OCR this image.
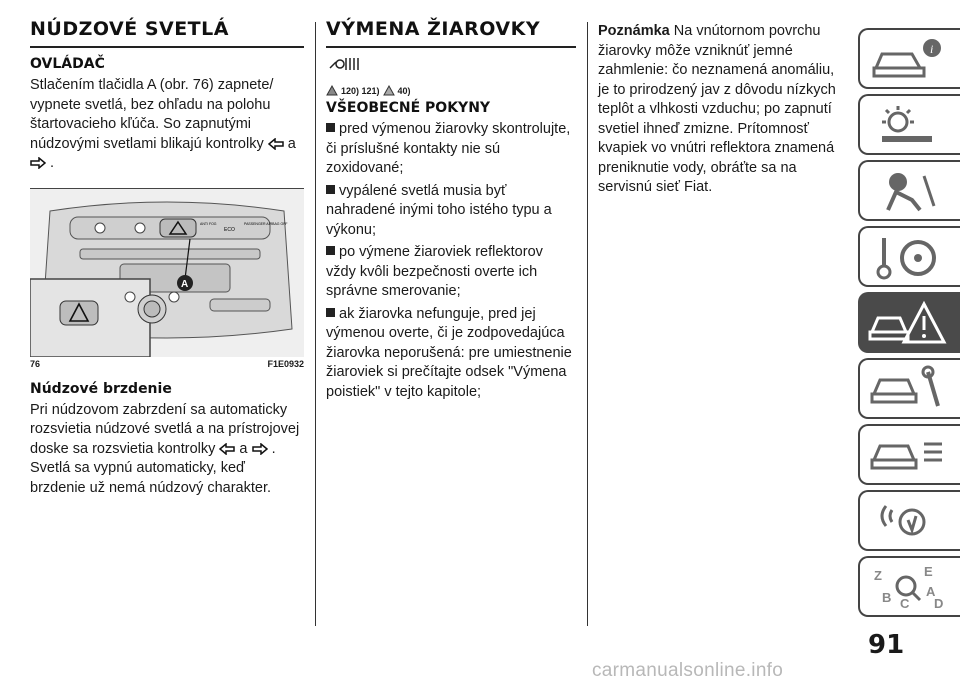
NÚDZOVÉ SVETLÁ
OVLÁDAČ

Stlačením tlačidla A (obr. 76) zapnete/ vypnete svetlá, bez ohľadu na polohu štartovacieho kľúča. So zapnutými núdzovými svetlami blikajú kontrolky a  .

ECO
ANTI FOG	PASSENGER AIRBAG OFF
A
76	F1E0932
Núdzové brzdenie

Pri núdzovom zabrzdení sa automaticky rozsvietia núdzové svetlá a na prístrojovej doske sa rozsvietia kontrolky a .

Svetlá sa vypnú automaticky, keď brzdenie už nemá núdzový charakter.

VÝMENA ŽIAROVKY
120) 121) 40)
VŠEOBECNÉ POKYNY
pred výmenou žiarovky skontrolujte, či príslušné kontakty nie sú zoxidované;
vypálené svetlá musia byť nahradené inými toho istého typu a výkonu;
po výmene žiaroviek reflektorov vždy kvôli bezpečnosti overte ich správne smerovanie;
ak žiarovka nefunguje, pred jej výmenou overte, či je zodpovedajúca žiarovka neporušená: pre umiestnenie žiaroviek si prečítajte odsek "Výmena poistiek" v tejto kapitole;

Poznámka Na vnútornom povrchu žiarovky môže vzniknúť jemné zahmlenie: čo neznamená anomáliu, je to prirodzený jav z dôvodu nízkych teplôt a vlhkosti vzduchu; po zapnutí svetiel ihneď zmizne. Prítomnosť kvapiek vo vnútri reflektora znamená preniknutie vody, obráťte sa na servisnú sieť Fiat.

i
Z	E
B C
A
D
91
carmanualsonline.info
